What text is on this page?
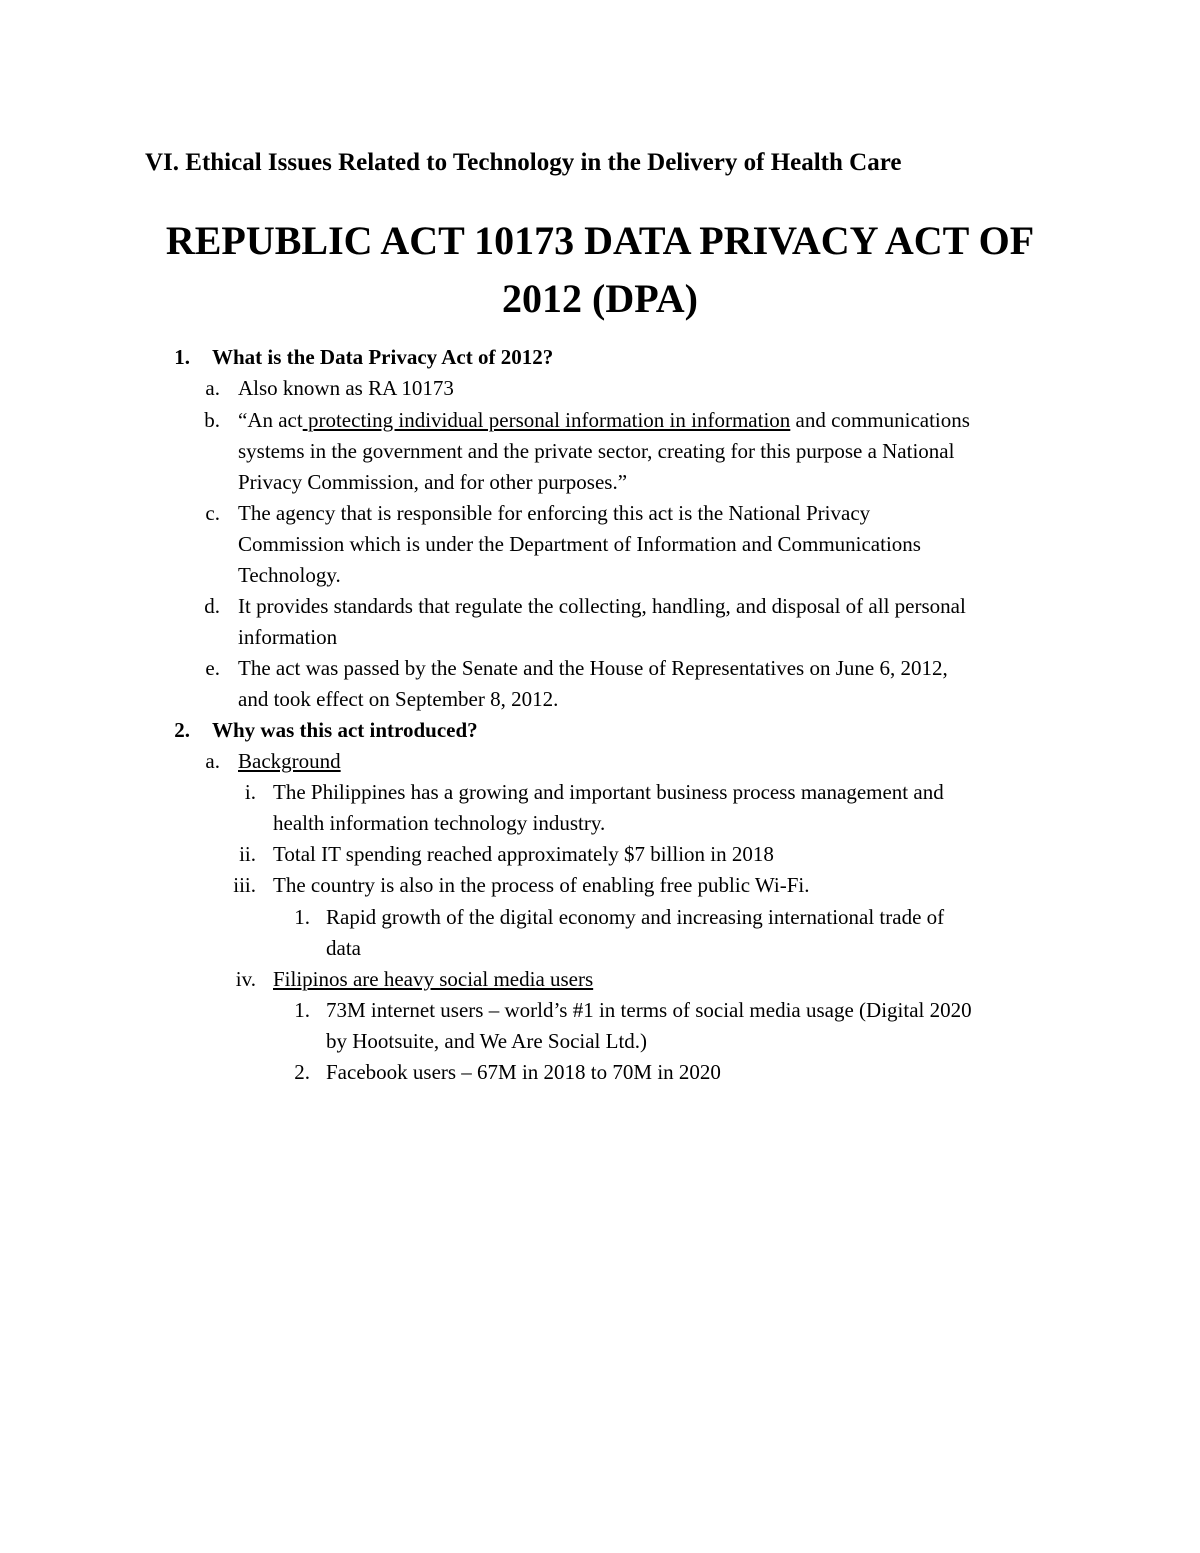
VI. Ethical Issues Related to Technology in the Delivery of Health Care
REPUBLIC ACT 10173 DATA PRIVACY ACT OF
2012 (DPA)
1. What is the Data Privacy Act of 2012?
a. Also known as RA 10173
b. “An act protecting individual personal information in information and communications
systems in the government and the private sector, creating for this purpose a National
Privacy Commission, and for other purposes.”
c. The agency that is responsible for enforcing this act is the National Privacy
Commission which is under the Department of Information and Communications
Technology.
d. It provides standards that regulate the collecting, handling, and disposal of all personal
information
e. The act was passed by the Senate and the House of Representatives on June 6, 2012,
and took effect on September 8, 2012.
2. Why was this act introduced?
a. Background
i. The Philippines has a growing and important business process management and
health information technology industry.
ii. Total IT spending reached approximately $7 billion in 2018
iii. The country is also in the process of enabling free public Wi-Fi.
1. Rapid growth of the digital economy and increasing international trade of
data
iv. Filipinos are heavy social media users
1. 73M internet users – world’s #1 in terms of social media usage (Digital 2020
by Hootsuite, and We Are Social Ltd.)
2. Facebook users – 67M in 2018 to 70M in 2020
